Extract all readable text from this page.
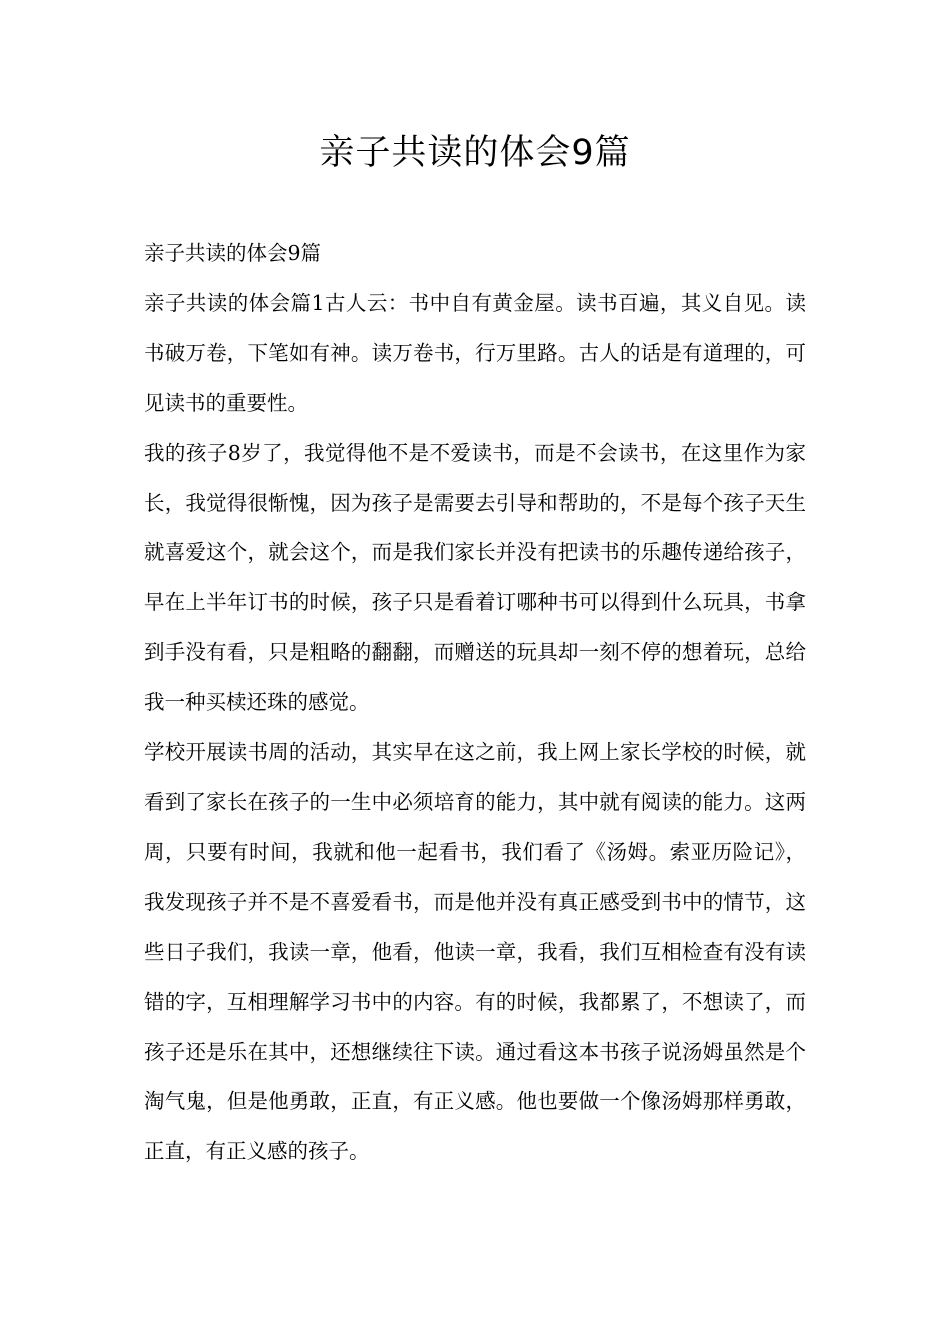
亲子共读的体会9篇

亲子共读的体会9篇

亲子共读的体会篇1古人云：书中自有黄金屋。读书百遍，其义自见。读书破万卷，下笔如有神。读万卷书，行万里路。古人的话是有道理的，可见读书的重要性。

我的孩子8岁了，我觉得他不是不爱读书，而是不会读书，在这里作为家长，我觉得很惭愧，因为孩子是需要去引导和帮助的，不是每个孩子天生就喜爱这个，就会这个，而是我们家长并没有把读书的乐趣传递给孩子，早在上半年订书的时候，孩子只是看着订哪种书可以得到什么玩具，书拿到手没有看，只是粗略的翻翻，而赠送的玩具却一刻不停的想着玩，总给我一种买椟还珠的感觉。

学校开展读书周的活动，其实早在这之前，我上网上家长学校的时候，就看到了家长在孩子的一生中必须培育的能力，其中就有阅读的能力。这两周，只要有时间，我就和他一起看书，我们看了《汤姆。索亚历险记》，我发现孩子并不是不喜爱看书，而是他并没有真正感受到书中的情节，这些日子我们，我读一章，他看，他读一章，我看，我们互相检查有没有读错的字，互相理解学习书中的内容。有的时候，我都累了，不想读了，而孩子还是乐在其中，还想继续往下读。通过看这本书孩子说汤姆虽然是个淘气鬼，但是他勇敢，正直，有正义感。他也要做一个像汤姆那样勇敢，正直，有正义感的孩子。
